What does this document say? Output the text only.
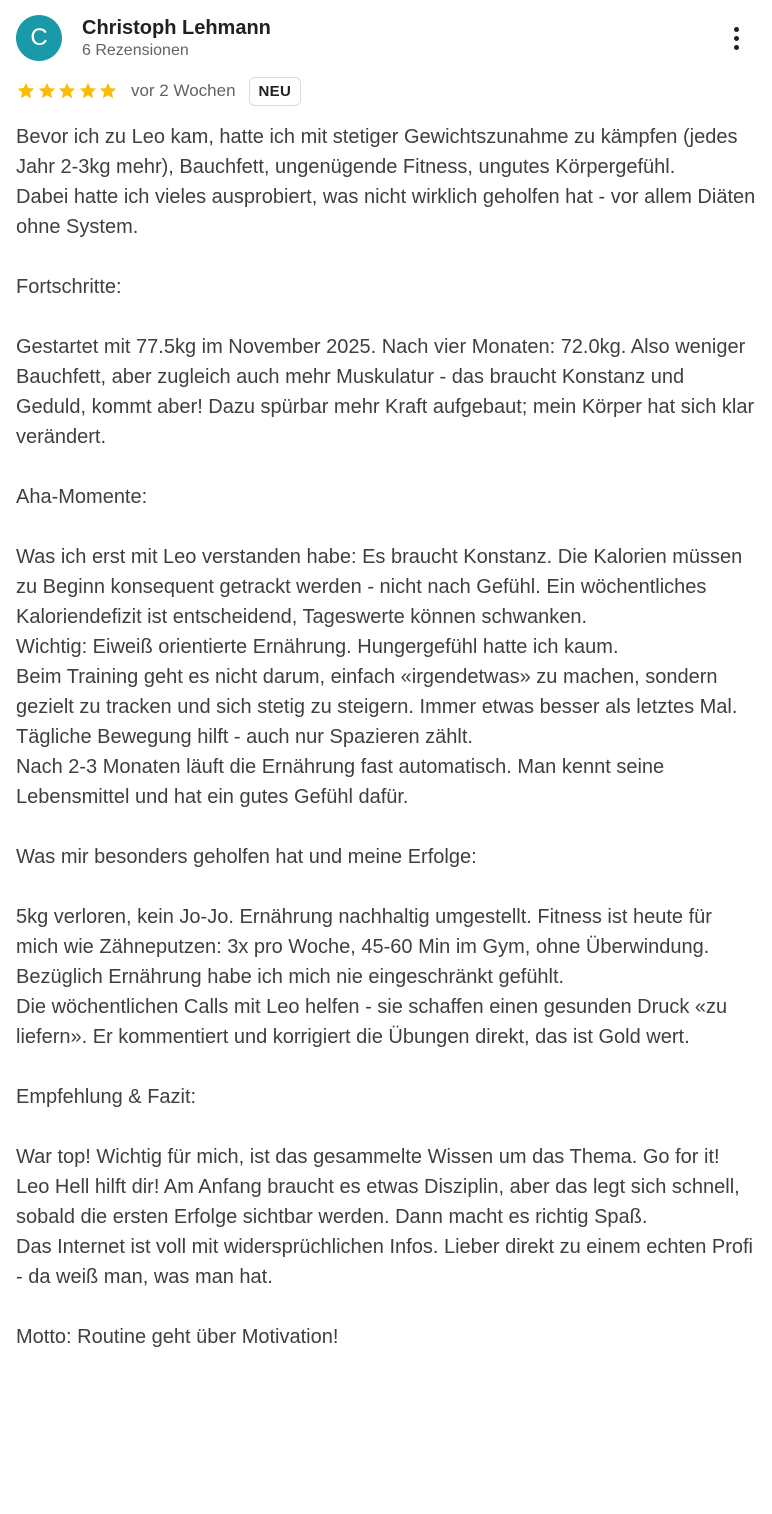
C	Christoph Lehmann
6 Rezensionen
vor 2 Wochen	NEU

Bevor ich zu Leo kam, hatte ich mit stetiger Gewichtszunahme zu kämpfen (jedes Jahr 2-3kg mehr), Bauchfett, ungenügende Fitness, ungutes Körpergefühl.

Dabei hatte ich vieles ausprobiert, was nicht wirklich geholfen hat - vor allem Diäten ohne System.

Fortschritte:

Gestartet mit 77.5kg im November 2025. Nach vier Monaten: 72.0kg. Also weniger Bauchfett, aber zugleich auch mehr Muskulatur - das braucht Konstanz und Geduld, kommt aber! Dazu spürbar mehr Kraft aufgebaut; mein Körper hat sich klar verändert.

Aha-Momente:

Was ich erst mit Leo verstanden habe: Es braucht Konstanz. Die Kalorien müssen zu Beginn konsequent getrackt werden - nicht nach Gefühl. Ein wöchentliches Kaloriendefizit ist entscheidend, Tageswerte können schwanken.

Wichtig: Eiweiß orientierte Ernährung. Hungergefühl hatte ich kaum.

Beim Training geht es nicht darum, einfach «irgendetwas» zu machen, sondern gezielt zu tracken und sich stetig zu steigern. Immer etwas besser als letztes Mal.

Tägliche Bewegung hilft - auch nur Spazieren zählt.

Nach 2-3 Monaten läuft die Ernährung fast automatisch. Man kennt seine Lebensmittel und hat ein gutes Gefühl dafür.

Was mir besonders geholfen hat und meine Erfolge:

5kg verloren, kein Jo-Jo. Ernährung nachhaltig umgestellt. Fitness ist heute für mich wie Zähneputzen: 3x pro Woche, 45-60 Min im Gym, ohne Überwindung.

Bezüglich Ernährung habe ich mich nie eingeschränkt gefühlt.

Die wöchentlichen Calls mit Leo helfen - sie schaffen einen gesunden Druck «zu liefern». Er kommentiert und korrigiert die Übungen direkt, das ist Gold wert.

Empfehlung & Fazit:

War top! Wichtig für mich, ist das gesammelte Wissen um das Thema. Go for it! Leo Hell hilft dir! Am Anfang braucht es etwas Disziplin, aber das legt sich schnell, sobald die ersten Erfolge sichtbar werden. Dann macht es richtig Spaß.

Das Internet ist voll mit widersprüchlichen Infos. Lieber direkt zu einem echten Profi - da weiß man, was man hat.

Motto: Routine geht über Motivation!
